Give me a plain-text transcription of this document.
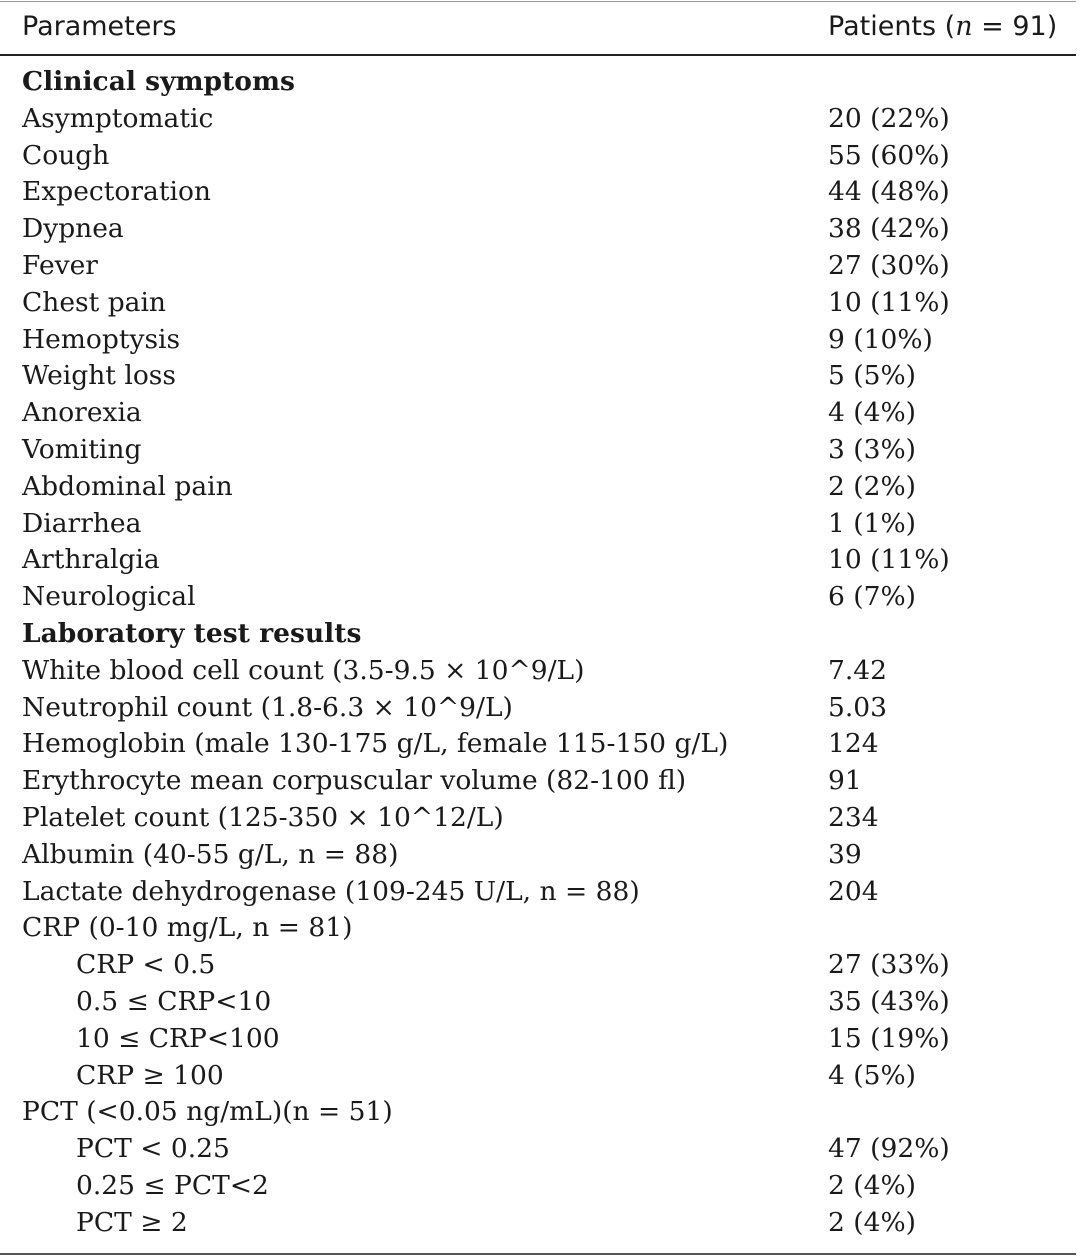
Parameters	Patients (n = 91)
Clinical symptoms
Asymptomatic	20 (22%)
Cough	55 (60%)
Expectoration	44 (48%)
Dypnea	38 (42%)
Fever	27 (30%)
Chest pain	10 (11%)
Hemoptysis	9 (10%)
Weight loss	5 (5%)
Anorexia	4 (4%)
Vomiting	3 (3%)
Abdominal pain	2 (2%)
Diarrhea	1 (1%)
Arthralgia	10 (11%)
Neurological	6 (7%)
Laboratory test results
White blood cell count (3.5-9.5 × 10^9/L)	7.42
Neutrophil count (1.8-6.3 × 10^9/L)	5.03
Hemoglobin (male 130-175 g/L, female 115-150 g/L)	124
Erythrocyte mean corpuscular volume (82-100 fl)	91
Platelet count (125-350 × 10^12/L)	234
Albumin (40-55 g/L, n = 88)	39
Lactate dehydrogenase (109-245 U/L, n = 88)	204
CRP (0-10 mg/L, n = 81)
CRP < 0.5	27 (33%)
0.5 ≤ CRP<10	35 (43%)
10 ≤ CRP<100	15 (19%)
CRP ≥ 100	4 (5%)
PCT (<0.05 ng/mL)(n = 51)
PCT < 0.25	47 (92%)
0.25 ≤ PCT<2	2 (4%)
PCT ≥ 2	2 (4%)
